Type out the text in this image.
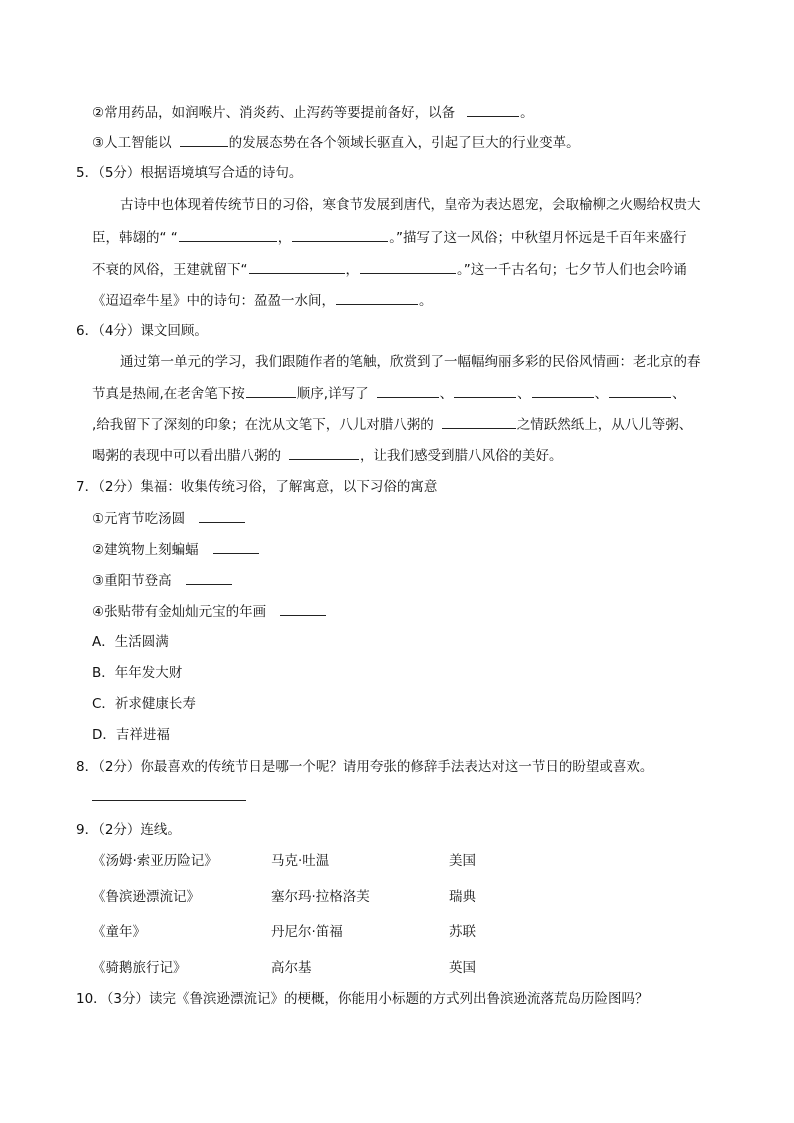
②常用药品，如润喉片、消炎药、止泻药等要提前备好，以备	。
③人工智能以	的发展态势在各个领域长驱直入，引起了巨大的行业变革。
5．（5分）根据语境填写合适的诗句。
古诗中也体现着传统节日的习俗，寒食节发展到唐代，皇帝为表达恩宠，会取榆柳之火赐给权贵大
臣，韩翃的“ “	，	。”描写了这一风俗；中秋望月怀远是千百年来盛行
不衰的风俗，王建就留下“	，	。”这一千古名句；七夕节人们也会吟诵
《迢迢牵牛星》中的诗句：盈盈一水间，	。
6．（4分）课文回顾。
通过第一单元的学习，我们跟随作者的笔触，欣赏到了一幅幅绚丽多彩的民俗风情画：老北京的春
节真是热闹,在老舍笔下按	顺序,详写了	、	、	、	、
,给我留下了深刻的印象；在沈从文笔下，八儿对腊八粥的	之情跃然纸上，从八儿等粥、
喝粥的表现中可以看出腊八粥的	，让我们感受到腊八风俗的美好。
7．（2分）集福：收集传统习俗，了解寓意，以下习俗的寓意
①元宵节吃汤圆
②建筑物上刻蝙蝠
③重阳节登高
④张贴带有金灿灿元宝的年画
A．生活圆满
B．年年发大财
C．祈求健康长寿
D．吉祥进福
8．（2分）你最喜欢的传统节日是哪一个呢？请用夸张的修辞手法表达对这一节日的盼望或喜欢。
9．（2分）连线。
《汤姆·索亚历险记》	马克·吐温	美国
《鲁滨逊漂流记》	塞尔玛·拉格洛芙	瑞典
《童年》	丹尼尔·笛福	苏联
《骑鹅旅行记》	高尔基	英国
10．（3分）读完《鲁滨逊漂流记》的梗概，你能用小标题的方式列出鲁滨逊流落荒岛历险图吗？
